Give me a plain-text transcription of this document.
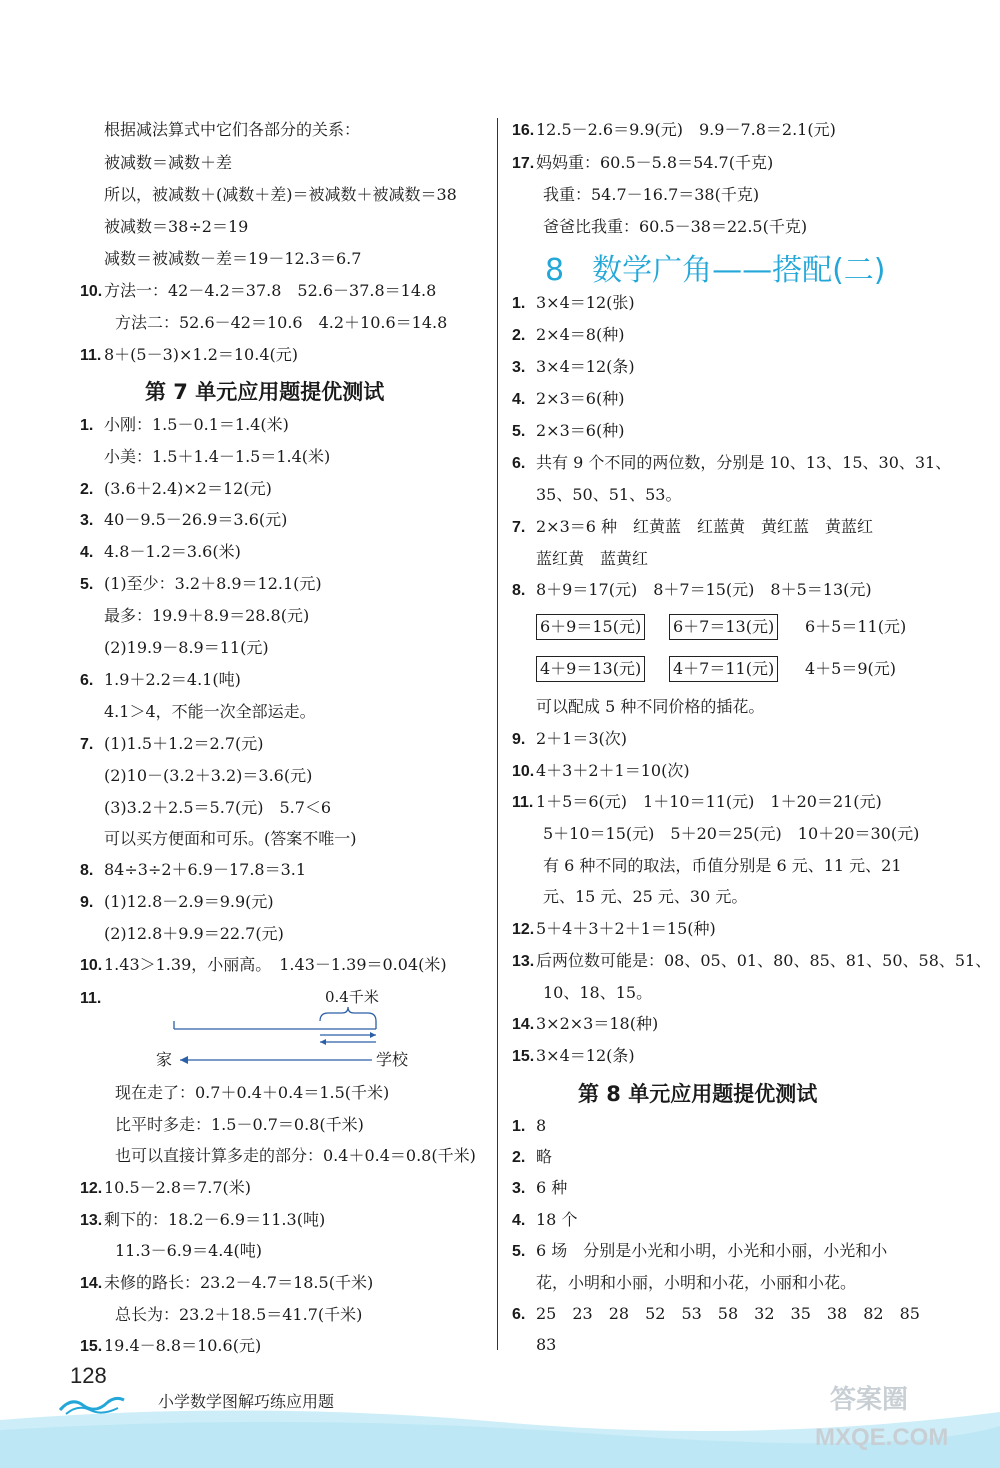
根据减法算式中它们各部分的关系：
被减数＝减数＋差
所以，被减数＋(减数＋差)＝被减数＋被减数＝38
被减数＝38÷2＝19
减数＝被减数－差＝19－12.3＝6.7
10. 方法一：42－4.2＝37.8　52.6－37.8＝14.8
方法二：52.6－42＝10.6　4.2＋10.6＝14.8
11. 8＋(5－3)×1.2＝10.4(元)
第 7 单元应用题提优测试
1. 小刚：1.5－0.1＝1.4(米)
小美：1.5＋1.4－1.5＝1.4(米)
2. (3.6＋2.4)×2＝12(元)
3. 40－9.5－26.9＝3.6(元)
4. 4.8－1.2＝3.6(米)
5. (1)至少：3.2＋8.9＝12.1(元)
最多：19.9＋8.9＝28.8(元)
(2)19.9－8.9＝11(元)
6. 1.9＋2.2＝4.1(吨)
4.1＞4，不能一次全部运走。
7. (1)1.5＋1.2＝2.7(元)
(2)10－(3.2＋3.2)＝3.6(元)
(3)3.2＋2.5＝5.7(元)　5.7＜6
可以买方便面和可乐。(答案不唯一)
8. 84÷3÷2＋6.9－17.8＝3.1
9. (1)12.8－2.9＝9.9(元)
(2)12.8＋9.9＝22.7(元)
10. 1.43＞1.39，小丽高。　1.43－1.39＝0.04(米)
11.	0.4千米
家	学校
现在走了：0.7＋0.4＋0.4＝1.5(千米)
比平时多走：1.5－0.7＝0.8(千米)
也可以直接计算多走的部分：0.4＋0.4＝0.8(千米)
12. 10.5－2.8＝7.7(米)
13. 剩下的：18.2－6.9＝11.3(吨)
11.3－6.9＝4.4(吨)
14. 未修的路长：23.2－4.7＝18.5(千米)
总长为：23.2＋18.5＝41.7(千米)
15. 19.4－8.8＝10.6(元)
16. 12.5－2.6＝9.9(元)　9.9－7.8＝2.1(元)
17. 妈妈重：60.5－5.8＝54.7(千克)
我重：54.7－16.7＝38(千克)
爸爸比我重：60.5－38＝22.5(千克)
8 数学广角——搭配(二)
1. 3×4＝12(张)
2. 2×4＝8(种)
3. 3×4＝12(条)
4. 2×3＝6(种)
5. 2×3＝6(种)
6. 共有 9 个不同的两位数，分别是 10、13、15、30、31、
35、50、51、53。
7. 2×3＝6 种　红黄蓝　红蓝黄　黄红蓝　黄蓝红
蓝红黄　蓝黄红
8. 8＋9＝17(元)　8＋7＝15(元)　8＋5＝13(元)
6＋9＝15(元) 6＋7＝13(元) 6＋5＝11(元)
4＋9＝13(元) 4＋7＝11(元) 4＋5＝9(元)
可以配成 5 种不同价格的插花。
9. 2＋1＝3(次)
10. 4＋3＋2＋1＝10(次)
11. 1＋5＝6(元)　1＋10＝11(元)　1＋20＝21(元)
5＋10＝15(元)　5＋20＝25(元)　10＋20＝30(元)
有 6 种不同的取法，币值分别是 6 元、11 元、21
元、15 元、25 元、30 元。
12. 5＋4＋3＋2＋1＝15(种)
13. 后两位数可能是：08、05、01、80、85、81、50、58、51、
10、18、15。
14. 3×2×3＝18(种)
15. 3×4＝12(条)
第 8 单元应用题提优测试
1. 8
2. 略
3. 6 种
4. 18 个
5. 6 场　分别是小光和小明，小光和小丽，小光和小
花，小明和小丽，小明和小花，小丽和小花。
6. 25　23　28　52　53　58　32　35　38　82　85
83
128
小学数学图解巧练应用题	答案圈
MXQE.COM
